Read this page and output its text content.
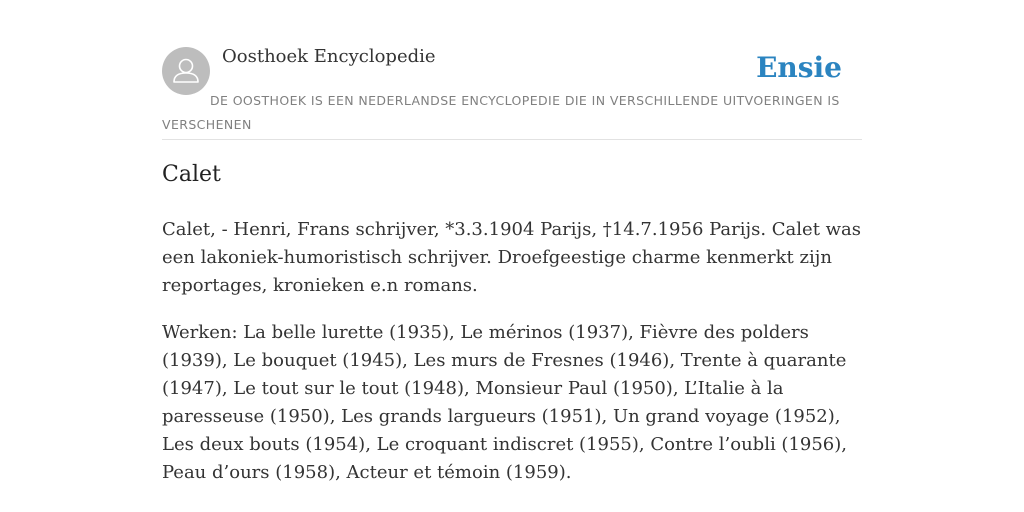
Oosthoek Encyclopedie	Ensie
DE OOSTHOEK IS EEN NEDERLANDSE ENCYCLOPEDIE DIE IN VERSCHILLENDE UITVOERINGEN IS VERSCHENEN
Calet

Calet, - Henri, Frans schrijver, *3.3.1904 Parijs, †14.7.1956 Parijs. Calet was een lakoniek-humoristisch schrijver. Droefgeestige charme kenmerkt zijn reportages, kronieken e.n romans.

Werken: La belle lurette (1935), Le mérinos (1937), Fièvre des polders (1939), Le bouquet (1945), Les murs de Fresnes (1946), Trente à quarante (1947), Le tout sur le tout (1948), Monsieur Paul (1950), L’Italie à la paresseuse (1950), Les grands largueurs (1951), Un grand voyage (1952), Les deux bouts (1954), Le croquant indiscret (1955), Contre l’oubli (1956), Peau d’ours (1958), Acteur et témoin (1959).
